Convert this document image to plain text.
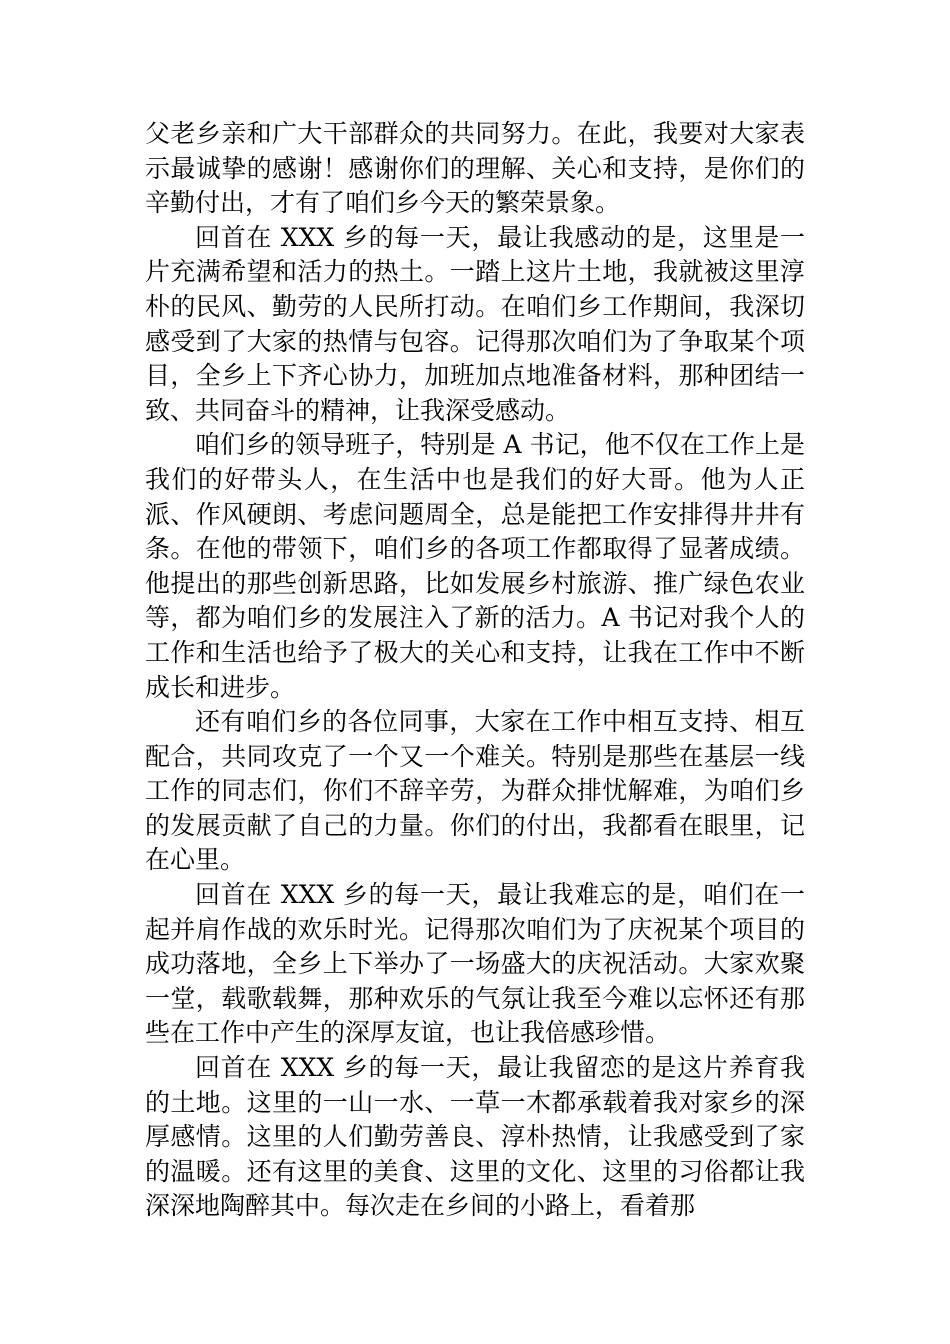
父老乡亲和广大干部群众的共同努力。在此，我要对大家表示最诚挚的感谢！感谢你们的理解、关心和支持，是你们的辛勤付出，才有了咱们乡今天的繁荣景象。

回首在 XXX 乡的每一天，最让我感动的是，这里是一片充满希望和活力的热土。一踏上这片土地，我就被这里淳朴的民风、勤劳的人民所打动。在咱们乡工作期间，我深切感受到了大家的热情与包容。记得那次咱们为了争取某个项目，全乡上下齐心协力，加班加点地准备材料，那种团结一致、共同奋斗的精神，让我深受感动。

咱们乡的领导班子，特别是 A 书记，他不仅在工作上是我们的好带头人，在生活中也是我们的好大哥。他为人正派、作风硬朗、考虑问题周全，总是能把工作安排得井井有条。在他的带领下，咱们乡的各项工作都取得了显著成绩。他提出的那些创新思路，比如发展乡村旅游、推广绿色农业等，都为咱们乡的发展注入了新的活力。A 书记对我个人的工作和生活也给予了极大的关心和支持，让我在工作中不断成长和进步。

还有咱们乡的各位同事，大家在工作中相互支持、相互配合，共同攻克了一个又一个难关。特别是那些在基层一线工作的同志们，你们不辞辛劳，为群众排忧解难，为咱们乡的发展贡献了自己的力量。你们的付出，我都看在眼里，记在心里。

回首在 XXX 乡的每一天，最让我难忘的是，咱们在一起并肩作战的欢乐时光。记得那次咱们为了庆祝某个项目的成功落地，全乡上下举办了一场盛大的庆祝活动。大家欢聚一堂，载歌载舞，那种欢乐的气氛让我至今难以忘怀还有那些在工作中产生的深厚友谊，也让我倍感珍惜。

回首在 XXX 乡的每一天，最让我留恋的是这片养育我的土地。这里的一山一水、一草一木都承载着我对家乡的深厚感情。这里的人们勤劳善良、淳朴热情，让我感受到了家的温暖。还有这里的美食、这里的文化、这里的习俗都让我深深地陶醉其中。每次走在乡间的小路上，看着那
